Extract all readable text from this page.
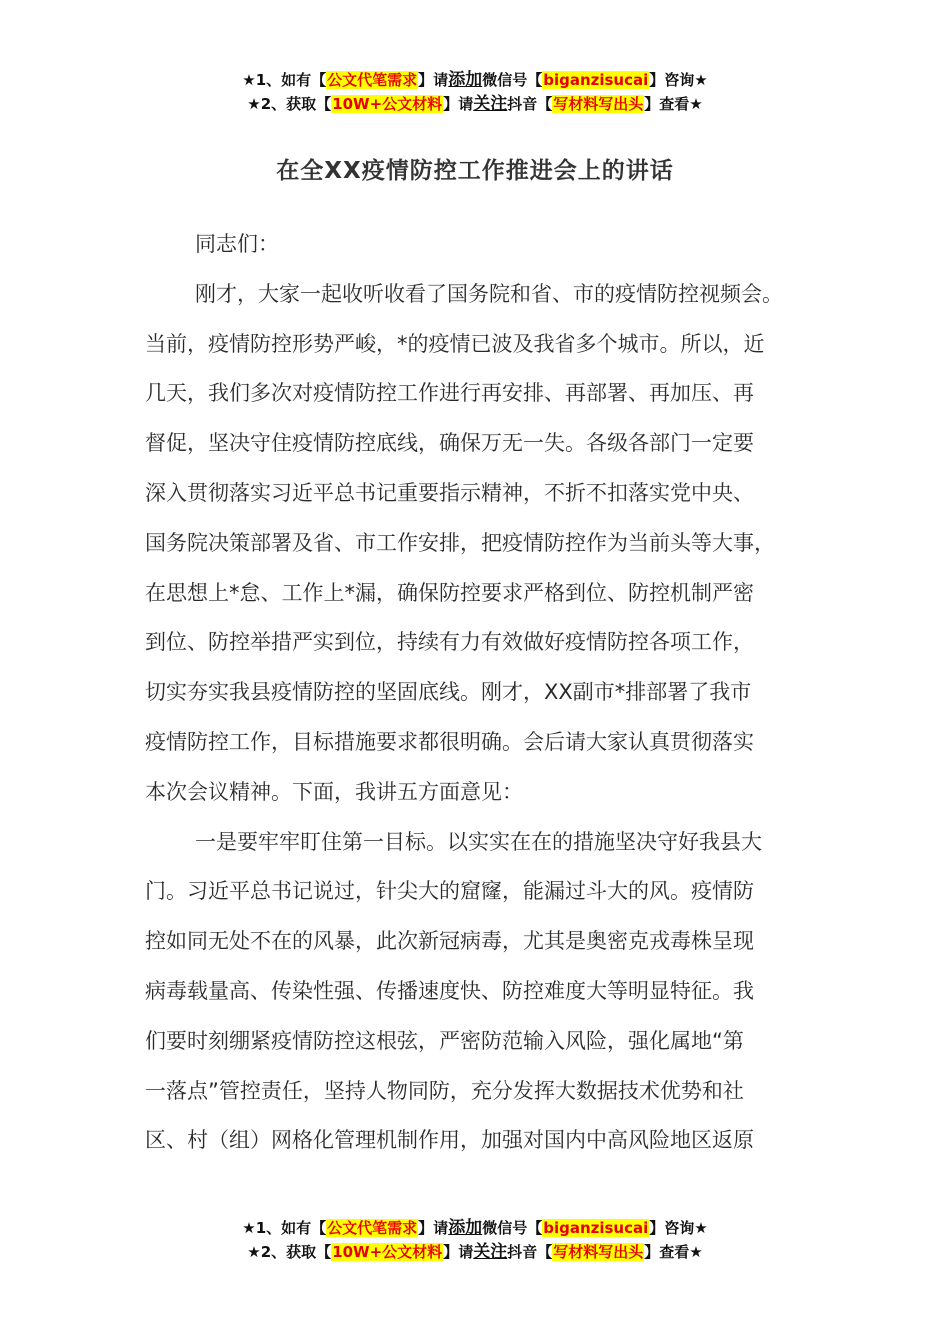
★1、如有【公文代笔需求】请添加微信号【biganzisucai】咨询★
★2、获取【10W+公文材料】请关注抖音【写材料写出头】查看★
在全XX疫情防控工作推进会上的讲话
同志们：
刚才，大家一起收听收看了国务院和省、市的疫情防控视频会。
当前，疫情防控形势严峻，*的疫情已波及我省多个城市。所以，近
几天，我们多次对疫情防控工作进行再安排、再部署、再加压、再
督促，坚决守住疫情防控底线，确保万无一失。各级各部门一定要
深入贯彻落实习近平总书记重要指示精神，不折不扣落实党中央、
国务院决策部署及省、市工作安排，把疫情防控作为当前头等大事，
在思想上*怠、工作上*漏，确保防控要求严格到位、防控机制严密
到位、防控举措严实到位，持续有力有效做好疫情防控各项工作，
切实夯实我县疫情防控的坚固底线。刚才，XX副市*排部署了我市
疫情防控工作，目标措施要求都很明确。会后请大家认真贯彻落实
本次会议精神。下面，我讲五方面意见：
一是要牢牢盯住第一目标。以实实在在的措施坚决守好我县大
门。习近平总书记说过，针尖大的窟窿，能漏过斗大的风。疫情防
控如同无处不在的风暴，此次新冠病毒，尤其是奥密克戎毒株呈现
病毒载量高、传染性强、传播速度快、防控难度大等明显特征。我
们要时刻绷紧疫情防控这根弦，严密防范输入风险，强化属地“第
一落点”管控责任，坚持人物同防，充分发挥大数据技术优势和社
区、村（组）网格化管理机制作用，加强对国内中高风险地区返原
★1、如有【公文代笔需求】请添加微信号【biganzisucai】咨询★
★2、获取【10W+公文材料】请关注抖音【写材料写出头】查看★
